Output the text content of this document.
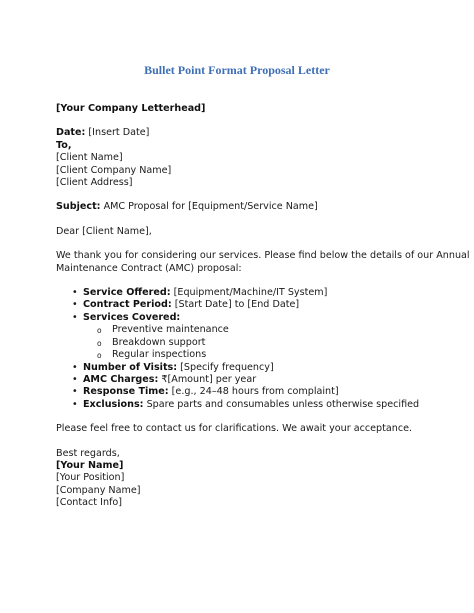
Bullet Point Format Proposal Letter
[Your Company Letterhead]
Date: [Insert Date]
To,
[Client Name]
[Client Company Name]
[Client Address]
Subject: AMC Proposal for [Equipment/Service Name]
Dear [Client Name],
We thank you for considering our services. Please find below the details of our Annual
Maintenance Contract (AMC) proposal:
• Service Offered: [Equipment/Machine/IT System]
• Contract Period: [Start Date] to [End Date]
• Services Covered:
o Preventive maintenance
o Breakdown support
o Regular inspections
• Number of Visits: [Specify frequency]
• AMC Charges: ₹[Amount] per year
• Response Time: [e.g., 24–48 hours from complaint]
• Exclusions: Spare parts and consumables unless otherwise specified
Please feel free to contact us for clarifications. We await your acceptance.
Best regards,
[Your Name]
[Your Position]
[Company Name]
[Contact Info]
